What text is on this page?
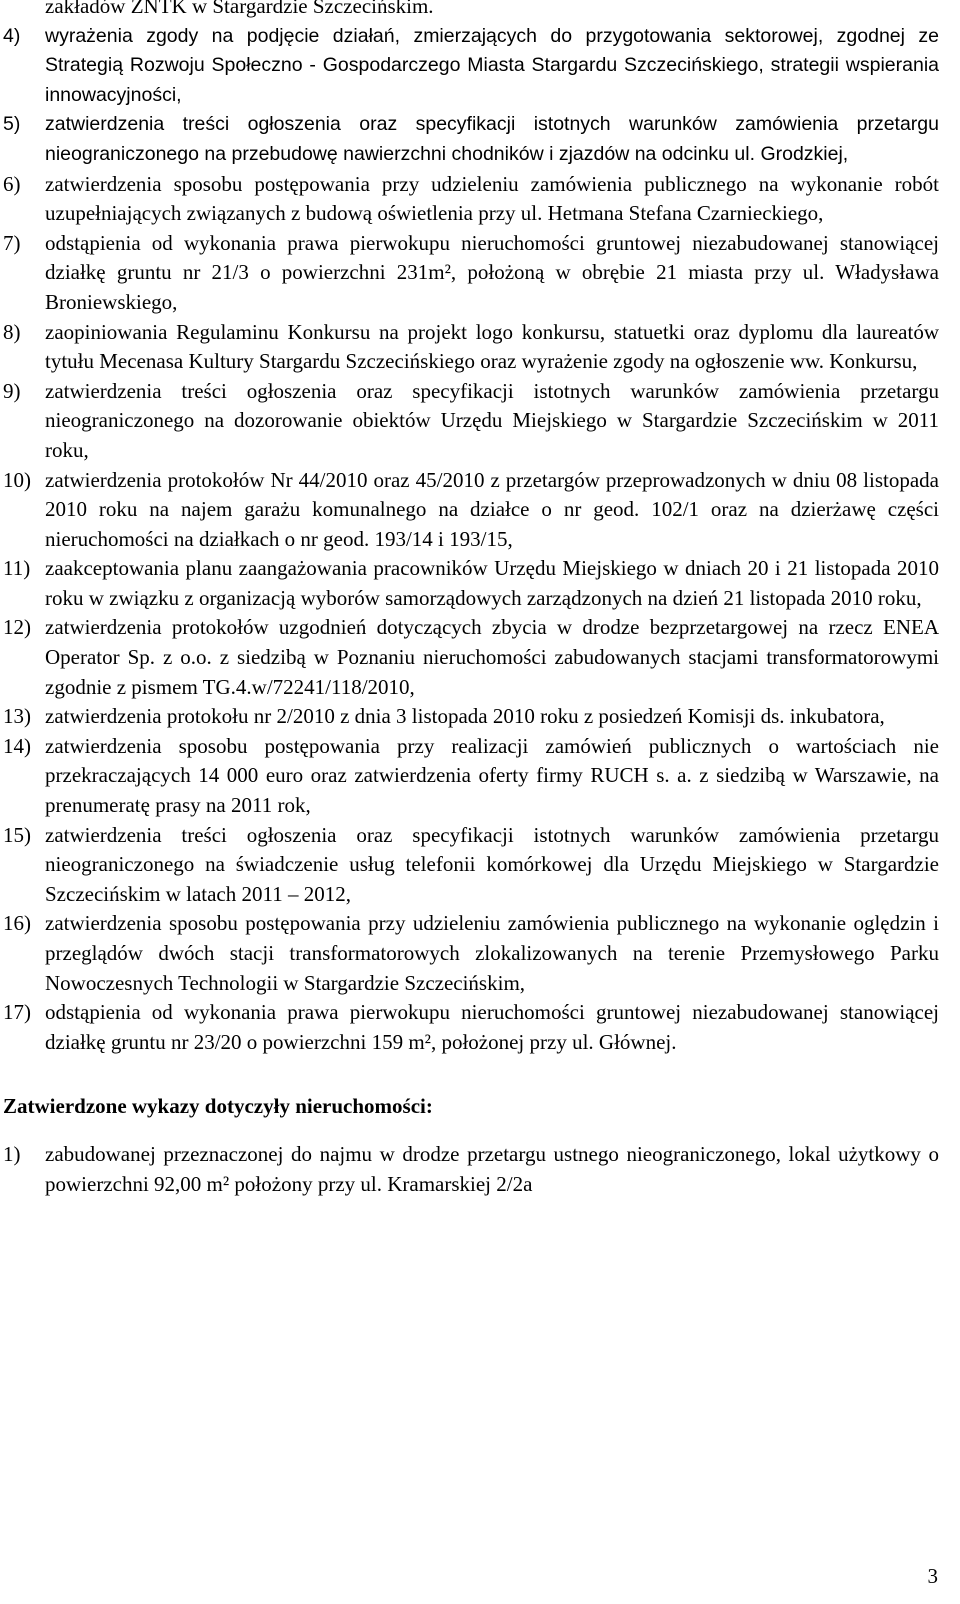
zakładów ZNTK w Stargardzie Szczecińskim.
4) wyrażenia zgody na podjęcie działań, zmierzających do przygotowania sektorowej, zgodnej ze Strategią Rozwoju Społeczno - Gospodarczego Miasta Stargardu Szczecińskiego, strategii wspierania innowacyjności,
5) zatwierdzenia treści ogłoszenia oraz specyfikacji istotnych warunków zamówienia przetargu nieograniczonego na przebudowę nawierzchni chodników i zjazdów na odcinku ul. Grodzkiej,
6) zatwierdzenia sposobu postępowania przy udzieleniu zamówienia publicznego na wykonanie robót uzupełniających związanych z budową oświetlenia przy ul. Hetmana Stefana Czarnieckiego,
7) odstąpienia od wykonania prawa pierwokupu nieruchomości gruntowej niezabudowanej stanowiącej działkę gruntu nr 21/3 o powierzchni 231m², położoną w obrębie 21 miasta przy ul. Władysława Broniewskiego,
8) zaopiniowania Regulaminu Konkursu na projekt logo konkursu, statuetki oraz dyplomu dla laureatów tytułu Mecenasa Kultury Stargardu Szczecińskiego oraz wyrażenie zgody na ogłoszenie ww. Konkursu,
9) zatwierdzenia treści ogłoszenia oraz specyfikacji istotnych warunków zamówienia przetargu nieograniczonego na dozorowanie obiektów Urzędu Miejskiego w Stargardzie Szczecińskim w 2011 roku,
10) zatwierdzenia protokołów Nr 44/2010 oraz 45/2010 z przetargów przeprowadzonych w dniu 08 listopada 2010 roku na najem garażu komunalnego na działce o nr geod. 102/1 oraz na dzierżawę części nieruchomości na działkach o nr geod. 193/14 i 193/15,
11) zaakceptowania planu zaangażowania pracowników Urzędu Miejskiego w dniach 20 i 21 listopada 2010 roku w związku z organizacją wyborów samorządowych zarządzonych na dzień 21 listopada 2010 roku,
12) zatwierdzenia protokołów uzgodnień dotyczących zbycia w drodze bezprzetargowej na rzecz ENEA Operator Sp. z o.o. z siedzibą w Poznaniu nieruchomości zabudowanych stacjami transformatorowymi zgodnie z pismem TG.4.w/72241/118/2010,
13) zatwierdzenia protokołu nr 2/2010 z dnia 3 listopada 2010 roku z posiedzeń Komisji ds. inkubatora,
14) zatwierdzenia sposobu postępowania przy realizacji zamówień publicznych o wartościach nie przekraczających 14 000 euro oraz zatwierdzenia oferty firmy RUCH s. a. z siedzibą w Warszawie, na prenumeratę prasy na 2011 rok,
15) zatwierdzenia treści ogłoszenia oraz specyfikacji istotnych warunków zamówienia przetargu nieograniczonego na świadczenie usług telefonii komórkowej dla Urzędu Miejskiego w Stargardzie Szczecińskim w latach 2011 – 2012,
16) zatwierdzenia sposobu postępowania przy udzieleniu zamówienia publicznego na wykonanie oględzin i przeglądów dwóch stacji transformatorowych zlokalizowanych na terenie Przemysłowego Parku Nowoczesnych Technologii w Stargardzie Szczecińskim,
17) odstąpienia od wykonania prawa pierwokupu nieruchomości gruntowej niezabudowanej stanowiącej działkę gruntu nr 23/20 o powierzchni 159 m², położonej przy ul. Głównej.
Zatwierdzone wykazy dotyczyły nieruchomości:
1) zabudowanej przeznaczonej do najmu w drodze przetargu ustnego nieograniczonego, lokal użytkowy o powierzchni 92,00 m² położony przy ul. Kramarskiej 2/2a
3
